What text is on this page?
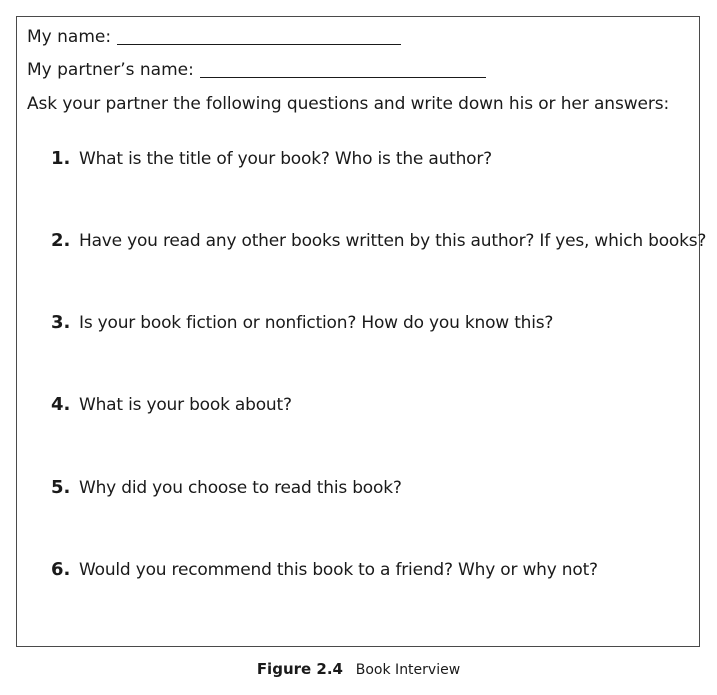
My name:
My partner’s name:
Ask your partner the following questions and write down his or her answers:
1. What is the title of your book? Who is the author?
2. Have you read any other books written by this author? If yes, which books?
3. Is your book fiction or nonfiction? How do you know this?
4. What is your book about?
5. Why did you choose to read this book?
6. Would you recommend this book to a friend? Why or why not?
Figure 2.4 Book Interview
